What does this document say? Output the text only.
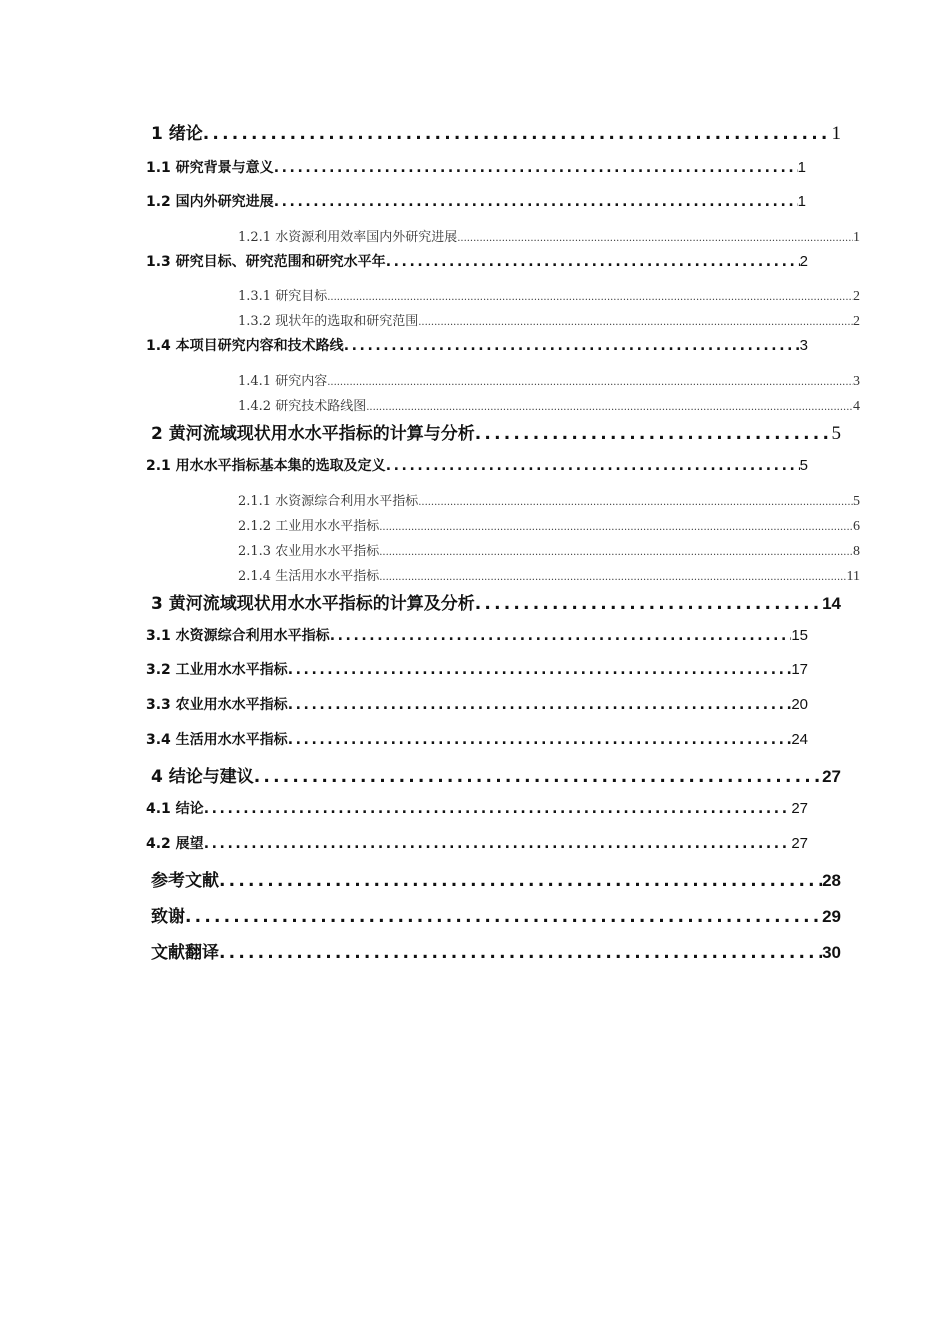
1 绪论 .....	1
1.1 研究背景与意义 .....	1
1.2 国内外研究进展 .....	1
1.2.1 水资源利用效率国内外研究进展 .....	1
1.3 研究目标、研究范围和研究水平年 .....	2
1.3.1 研究目标 .....	2
1.3.2 现状年的选取和研究范围 .....	2
1.4 本项目研究内容和技术路线 .....	3
1.4.1 研究内容 .....	3
1.4.2 研究技术路线图 .....	4
2 黄河流域现状用水水平指标的计算与分析 .....	5
2.1 用水水平指标基本集的选取及定义 .....	5
2.1.1 水资源综合利用水平指标 .....	5
2.1.2 工业用水水平指标 .....	6
2.1.3 农业用水水平指标 .....	8
2.1.4 生活用水水平指标 .....	11
3 黄河流域现状用水水平指标的计算及分析 .....	14
3.1 水资源综合利用水平指标 .....	15
3.2 工业用水水平指标 .....	17
3.3 农业用水水平指标 .....	20
3.4 生活用水水平指标 .....	24
4 结论与建议 .....	27
4.1 结论 .....	27
4.2 展望 .....	27
参考文献 .....	28
致谢 .....	29
文献翻译 .....	30
